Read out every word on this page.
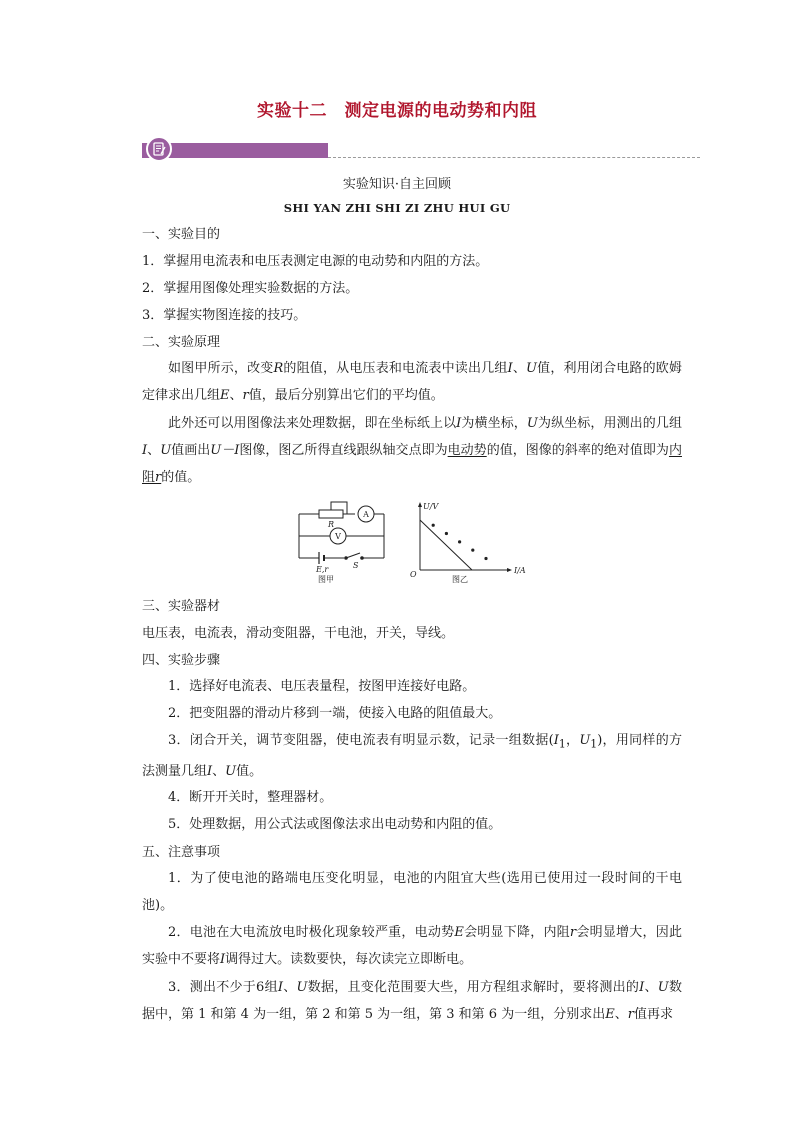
实验十二　测定电源的电动势和内阻
实验知识·自主回顾
SHI YAN ZHI SHI ZI ZHU HUI GU
一、实验目的
1．掌握用电流表和电压表测定电源的电动势和内阻的方法。
2．掌握用图像处理实验数据的方法。
3．掌握实物图连接的技巧。
二、实验原理
如图甲所示，改变R的阻值，从电压表和电流表中读出几组I、U值，利用闭合电路的欧姆定律求出几组E、r值，最后分别算出它们的平均值。
此外还可以用图像法来处理数据，即在坐标纸上以I为横坐标，U为纵坐标，用测出的几组I、U值画出U－I图像，图乙所得直线跟纵轴交点即为电动势的值，图像的斜率的绝对值即为内阻r的值。
A
R
V
E,r	S
图甲
U/V
I/A
O
图乙
三、实验器材
电压表，电流表，滑动变阻器，干电池，开关，导线。
四、实验步骤
1．选择好电流表、电压表量程，按图甲连接好电路。
2．把变阻器的滑动片移到一端，使接入电路的阻值最大。
3．闭合开关，调节变阻器，使电流表有明显示数，记录一组数据($I_1$，$U_1$)，用同样的方法测量几组I、U值。
4．断开开关时，整理器材。
5．处理数据，用公式法或图像法求出电动势和内阻的值。
五、注意事项
1．为了使电池的路端电压变化明显，电池的内阻宜大些(选用已使用过一段时间的干电池)。
2．电池在大电流放电时极化现象较严重，电动势E会明显下降，内阻r会明显增大，因此实验中不要将I调得过大。读数要快，每次读完立即断电。
3．测出不少于6组I、U数据，且变化范围要大些，用方程组求解时，要将测出的I、U数据中，第 1 和第 4 为一组，第 2 和第 5 为一组，第 3 和第 6 为一组，分别求出E、r值再求
